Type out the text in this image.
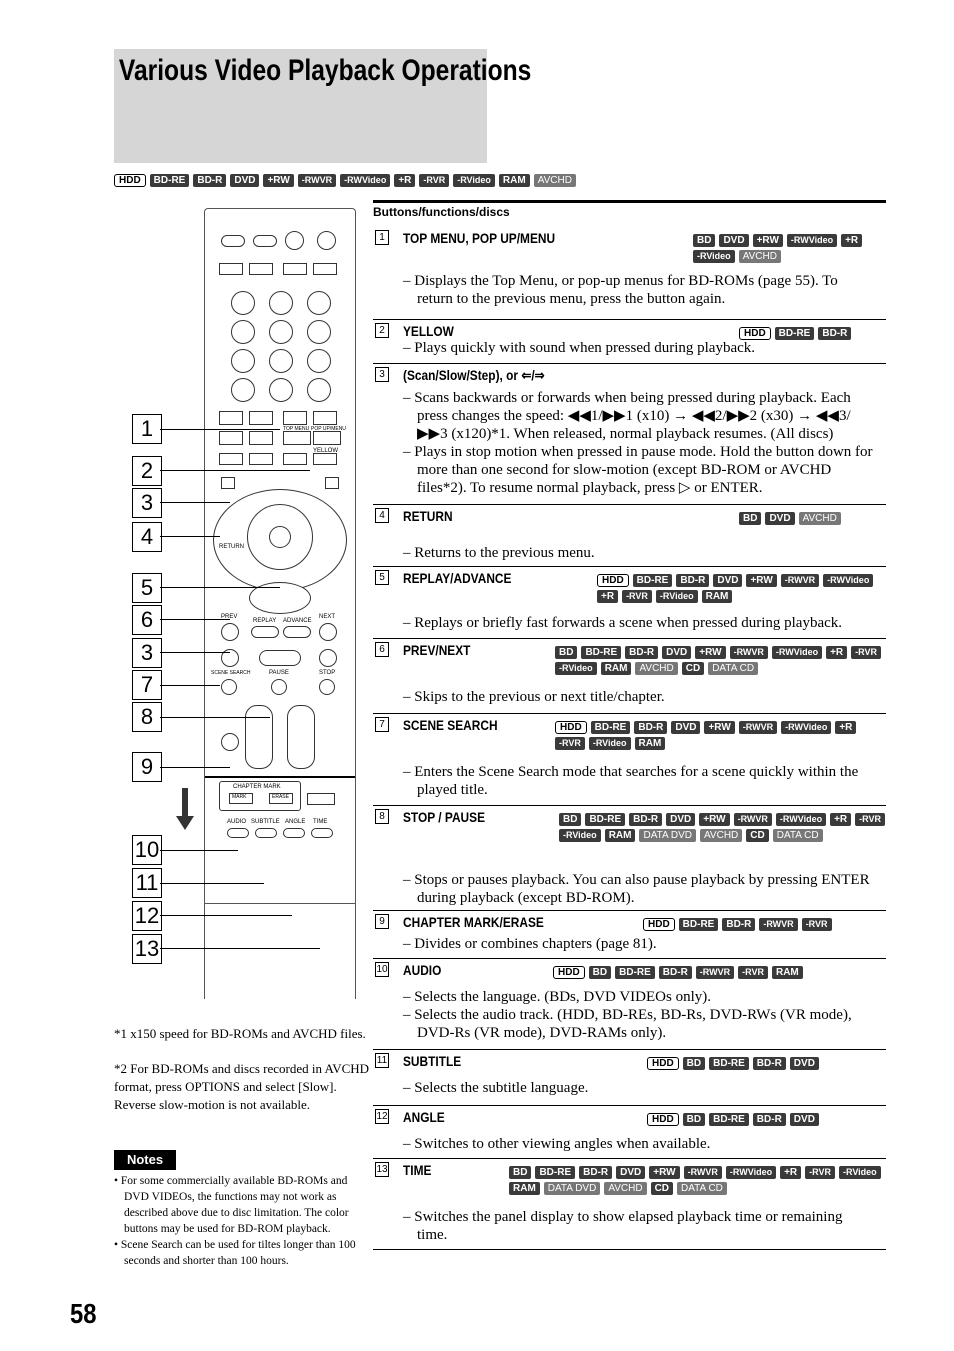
Various Video Playback Operations
HDD	BD-RE	BD-R	DVD	+RW	-RWVR	-RWVideo	+R	-RVR	-RVideo	RAM	AVCHD
TOP MENU POP UP/MENU
YELLOW
RETURN
PREV
REPLAY ADVANCE
NEXT
SCENE SEARCH	PAUSE	STOP
CHAPTER MARK
MARK	ERASE
AUDIO SUBTITLE ANGLE TIME
1
2
3
4
5
6
3
7
8
9
10
11
12
13
Buttons/functions/discs
1	TOP MENU, POP UP/MENU	BD	DVD	+RW	-RWVideo	+R
-RVideo	AVCHD
– Displays the Top Menu, or pop-up menus for BD-ROMs (page 55). To return to the previous menu, press the button again.
2	YELLOW	HDD	BD-RE	BD-R
– Plays quickly with sound when pressed during playback.
3	(Scan/Slow/Step), or ⇐/⇒
– Scans backwards or forwards when being pressed during playback. Each press changes the speed: ◀◀1/▶▶1 (x10) → ◀◀2/▶▶2 (x30) → ◀◀3/ ▶▶3 (x120)*1. When released, normal playback resumes. (All discs)
– Plays in stop motion when pressed in pause mode. Hold the button down for more than one second for slow-motion (except BD-ROM or AVCHD files*2). To resume normal playback, press ▷ or ENTER.
4	RETURN	BD	DVD	AVCHD
– Returns to the previous menu.
5	REPLAY/ADVANCE	HDD	BD-RE	BD-R	DVD	+RW	-RWVR	-RWVideo
+R	-RVR	-RVideo	RAM
– Replays or briefly fast forwards a scene when pressed during playback.
6	PREV/NEXT	BD	BD-RE	BD-R	DVD	+RW	-RWVR	-RWVideo	+R	-RVR
-RVideo	RAM	AVCHD	CD	DATA CD
– Skips to the previous or next title/chapter.
7	SCENE SEARCH	HDD	BD-RE	BD-R	DVD	+RW	-RWVR	-RWVideo	+R
-RVR	-RVideo	RAM
– Enters the Scene Search mode that searches for a scene quickly within the played title.
8	STOP / PAUSE	BD	BD-RE	BD-R	DVD	+RW	-RWVR	-RWVideo	+R	-RVR
-RVideo	RAM	DATA DVD	AVCHD	CD	DATA CD
– Stops or pauses playback. You can also pause playback by pressing ENTER during playback (except BD-ROM).
9	CHAPTER MARK/ERASE	HDD	BD-RE	BD-R	-RWVR	-RVR
– Divides or combines chapters (page 81).
10 AUDIO	HDD	BD	BD-RE	BD-R	-RWVR	-RVR	RAM
– Selects the language. (BDs, DVD VIDEOs only).
– Selects the audio track. (HDD, BD-REs, BD-Rs, DVD-RWs (VR mode), DVD-Rs (VR mode), DVD-RAMs only).
11 SUBTITLE	HDD	BD	BD-RE	BD-R	DVD
– Selects the subtitle language.
12 ANGLE	HDD	BD	BD-RE	BD-R	DVD
– Switches to other viewing angles when available.
13 TIME	BD	BD-RE	BD-R	DVD	+RW	-RWVR	-RWVideo	+R	-RVR	-RVideo
RAM	DATA DVD	AVCHD	CD	DATA CD
– Switches the panel display to show elapsed playback time or remaining time.
*1 x150 speed for BD-ROMs and AVCHD files.
*2 For BD-ROMs and discs recorded in AVCHD format, press OPTIONS and select [Slow]. Reverse slow-motion is not available.
Notes
• For some commercially available BD-ROMs and DVD VIDEOs, the functions may not work as described above due to disc limitation. The color buttons may be used for BD-ROM playback.
• Scene Search can be used for tiltes longer than 100 seconds and shorter than 100 hours.
58
